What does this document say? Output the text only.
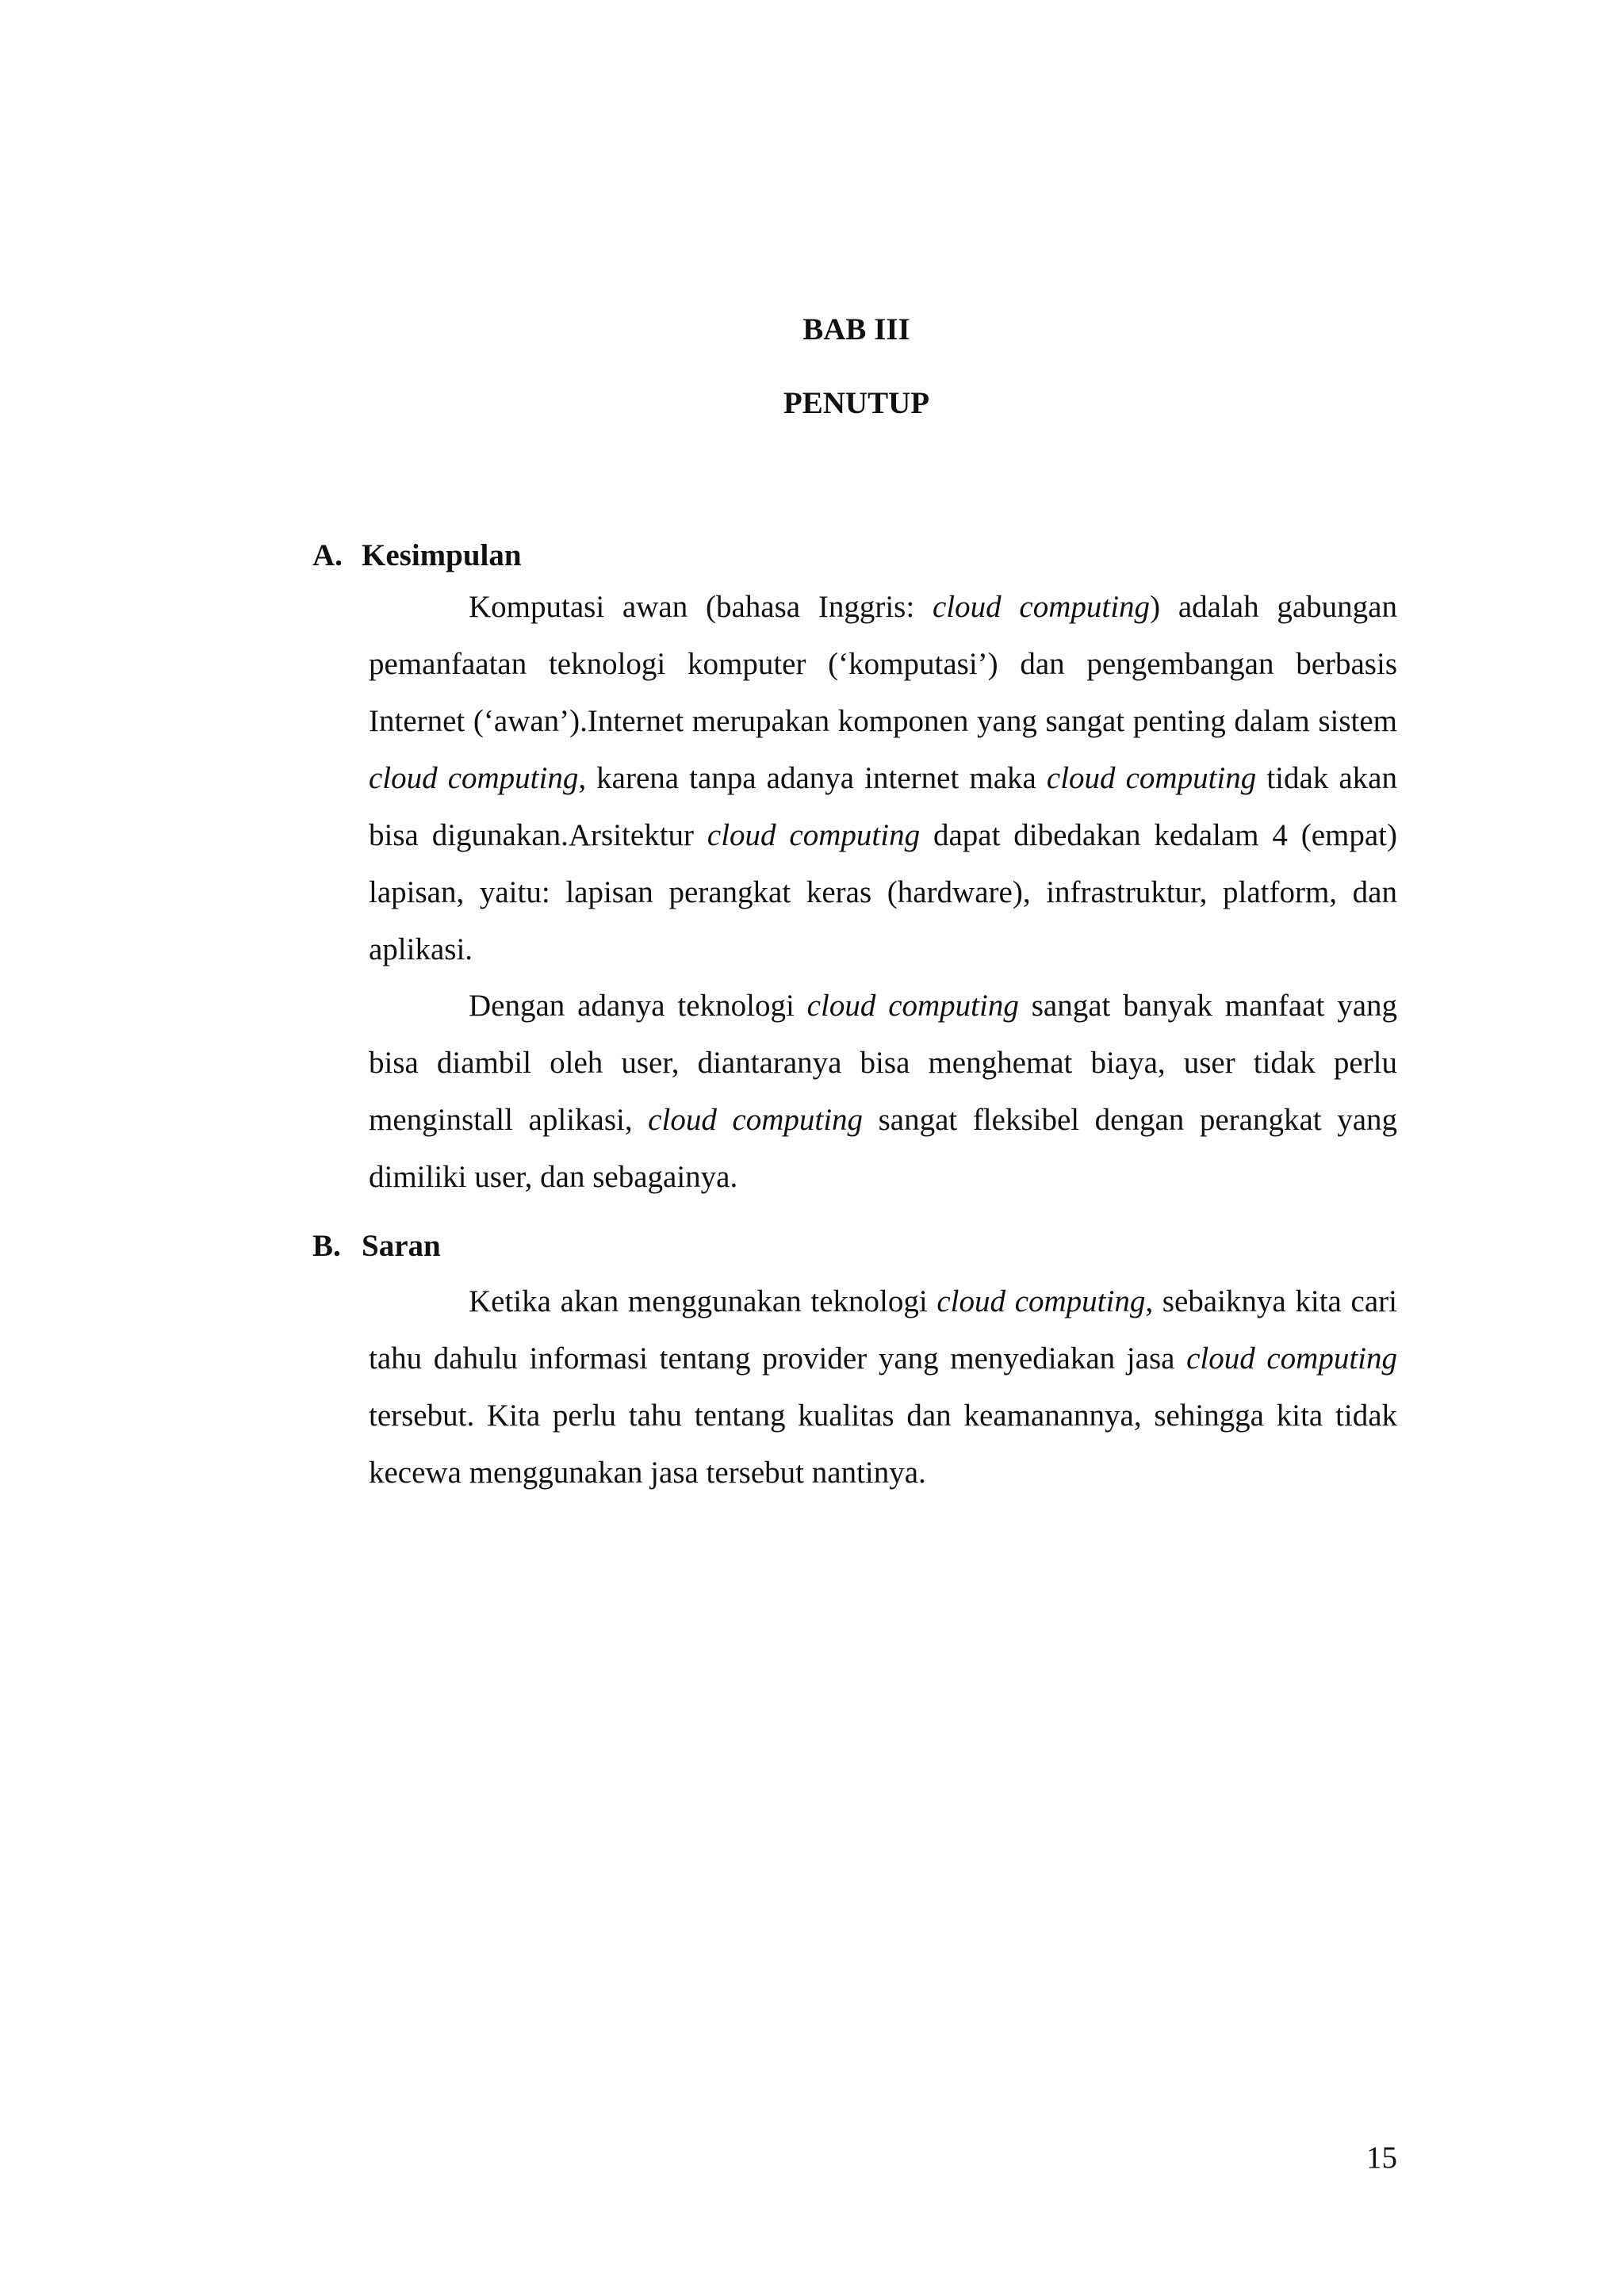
BAB III
PENUTUP
A. Kesimpulan

Komputasi awan (bahasa Inggris: cloud computing) adalah gabungan pemanfaatan teknologi komputer (‘komputasi’) dan pengembangan berbasis Internet (‘awan’).Internet merupakan komponen yang sangat penting dalam sistem cloud computing, karena tanpa adanya internet maka cloud computing tidak akan bisa digunakan.Arsitektur cloud computing dapat dibedakan kedalam 4 (empat) lapisan, yaitu: lapisan perangkat keras (hardware), infrastruktur, platform, dan aplikasi.

Dengan adanya teknologi cloud computing sangat banyak manfaat yang bisa diambil oleh user, diantaranya bisa menghemat biaya, user tidak perlu menginstall aplikasi, cloud computing sangat fleksibel dengan perangkat yang dimiliki user, dan sebagainya.

B. Saran

Ketika akan menggunakan teknologi cloud computing, sebaiknya kita cari tahu dahulu informasi tentang provider yang menyediakan jasa cloud computing tersebut. Kita perlu tahu tentang kualitas dan keamanannya, sehingga kita tidak kecewa menggunakan jasa tersebut nantinya.

15
